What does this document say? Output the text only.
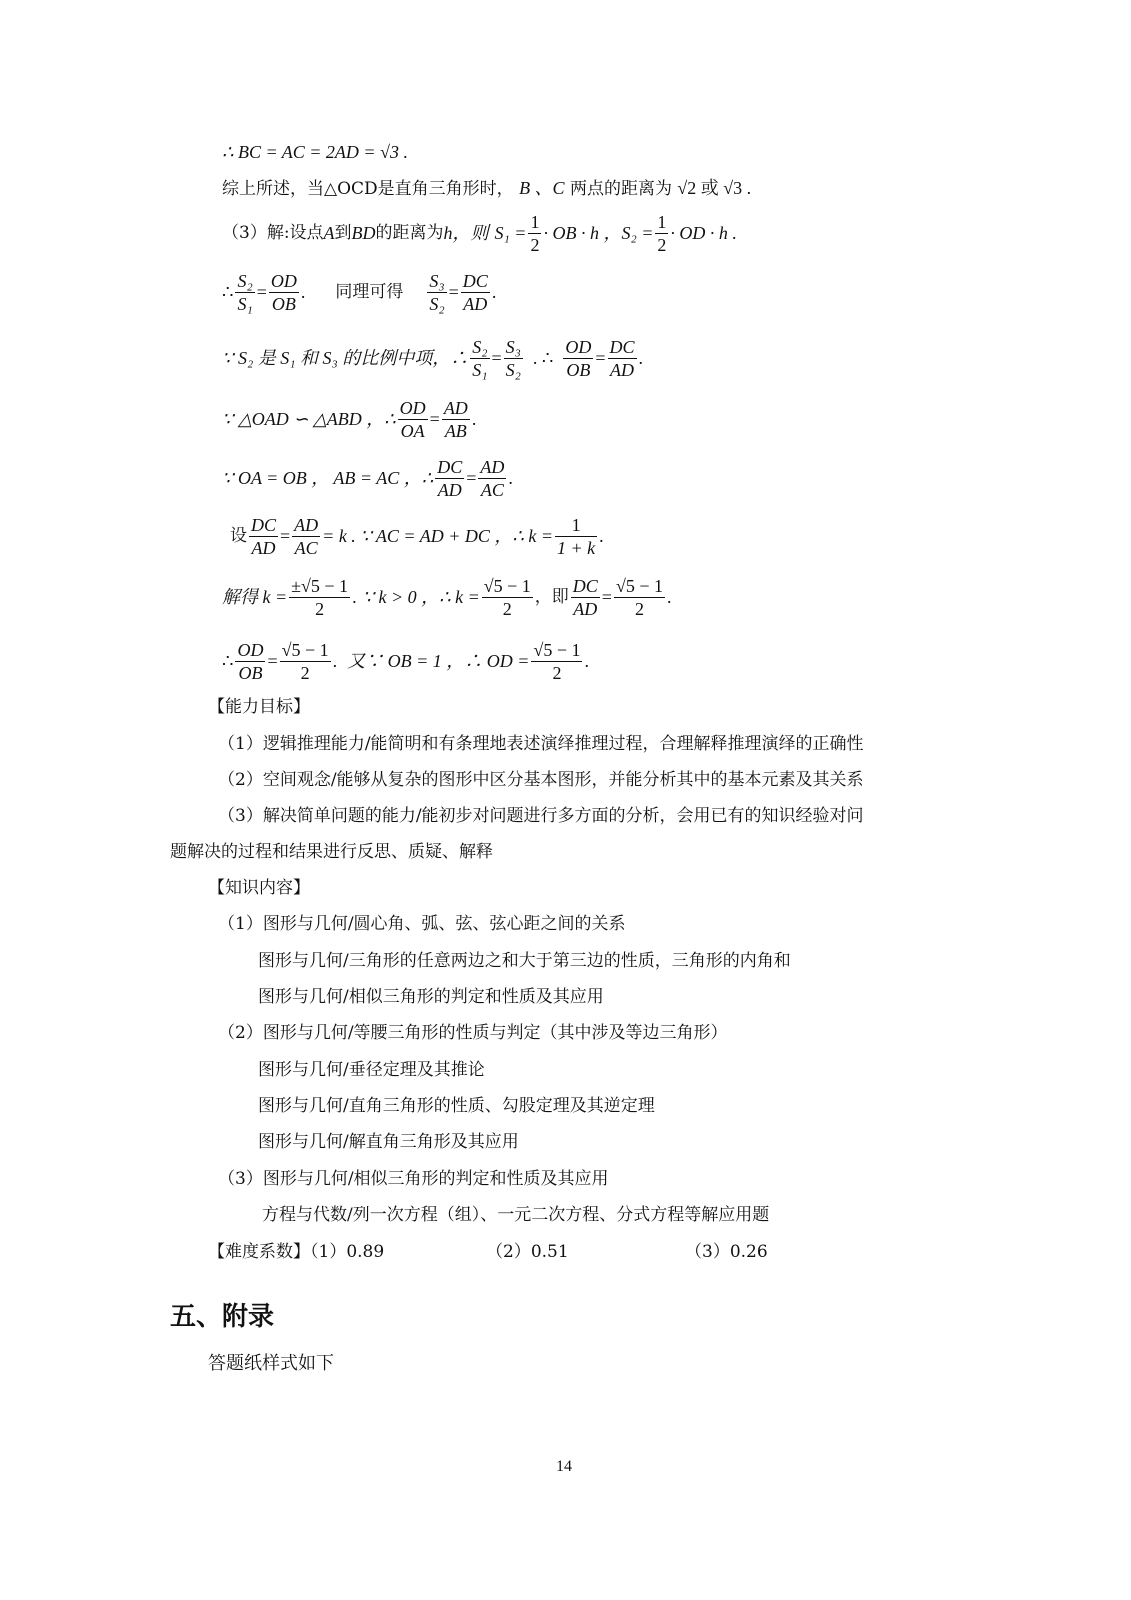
∴ BC = AC = 2AD = √3 .
综上所述，当△OCD是直角三角形时， B 、C 两点的距离为 √2 或 √3 .
（3）解:设点 A 到 BD 的距离为 h，则 $S_1 = \frac{1}{2}$ · OB · h ，$S_2 = \frac{1}{2}$ · OD · h .
∴ $\frac{\text{S₂}}{\text{S₁}} = \frac{OD}{OB}$ . 同理可得 $\frac{\text{S₃}}{\text{S₂}} = \frac{DC}{AD}$ .
∵ S₂ 是 S₁ 和 S₃ 的比例中项，∴ $\frac{\text{S₂}}{\text{S₁}} = \frac{\text{S₃}}{\text{S₂}}$ . ∴ $\frac{OD}{OB} = \frac{DC}{AD}$ .
∵ △OAD ∽ △ABD ，∴ $\frac{OD}{OA} = \frac{AD}{AB}$ .
∵ OA = OB ， AB = AC ，∴ $\frac{DC}{AD} = \frac{AD}{AC}$ .
设 $\frac{DC}{AD} = \frac{AD}{AC} = k$ . ∵ AC = AD + DC ，∴ $k = \frac{1}{1 + k}$ .
解得 $k = \frac{\pm√5 - 1}{2}$ . ∵ k > 0 ，∴ $k = \frac{√5 - 1}{2}$ ，即 $\frac{DC}{AD} = \frac{√5 - 1}{2}$ .
∴ $\frac{OD}{OB} = \frac{√5 - 1}{2}$ . 又∵ OB = 1 ，∴ OD = $\frac{√5 - 1}{2}$ .
【能力目标】
（1）逻辑推理能力/能简明和有条理地表述演绎推理过程，合理解释推理演绎的正确性
（2）空间观念/能够从复杂的图形中区分基本图形，并能分析其中的基本元素及其关系
（3）解决简单问题的能力/能初步对问题进行多方面的分析，会用已有的知识经验对问
题解决的过程和结果进行反思、质疑、解释
【知识内容】
（1）图形与几何/圆心角、弧、弦、弦心距之间的关系
图形与几何/三角形的任意两边之和大于第三边的性质，三角形的内角和
图形与几何/相似三角形的判定和性质及其应用
（2）图形与几何/等腰三角形的性质与判定（其中涉及等边三角形）
图形与几何/垂径定理及其推论
图形与几何/直角三角形的性质、勾股定理及其逆定理
图形与几何/解直角三角形及其应用
（3）图形与几何/相似三角形的判定和性质及其应用
方程与代数/列一次方程（组）、一元二次方程、分式方程等解应用题
【难度系数】（1）0.89	（2）0.51	（3）0.26
五、附录
答题纸样式如下
14
